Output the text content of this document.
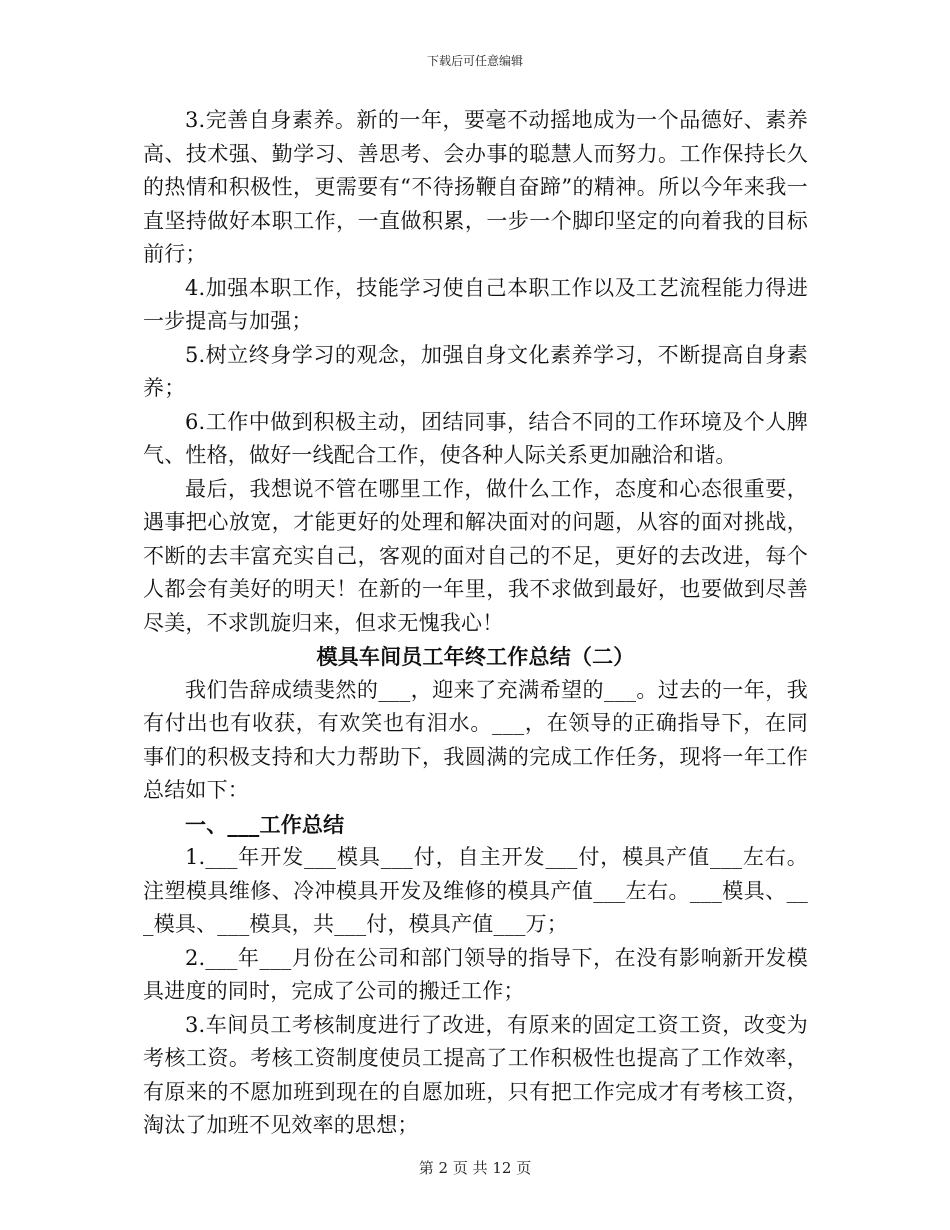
下载后可任意编辑

3.完善自身素养。新的一年，要毫不动摇地成为一个品德好、素养高、技术强、勤学习、善思考、会办事的聪慧人而努力。工作保持长久的热情和积极性，更需要有“不待扬鞭自奋蹄”的精神。所以今年来我一直坚持做好本职工作，一直做积累，一步一个脚印坚定的向着我的目标前行；

4.加强本职工作，技能学习使自己本职工作以及工艺流程能力得进一步提高与加强；

5.树立终身学习的观念，加强自身文化素养学习，不断提高自身素养；

6.工作中做到积极主动，团结同事，结合不同的工作环境及个人脾气、性格，做好一线配合工作，使各种人际关系更加融洽和谐。

最后，我想说不管在哪里工作，做什么工作，态度和心态很重要，遇事把心放宽，才能更好的处理和解决面对的问题，从容的面对挑战，不断的去丰富充实自己，客观的面对自己的不足，更好的去改进，每个人都会有美好的明天！在新的一年里，我不求做到最好，也要做到尽善尽美，不求凯旋归来，但求无愧我心！

模具车间员工年终工作总结（二）

我们告辞成绩斐然的___，迎来了充满希望的___。过去的一年，我有付出也有收获，有欢笑也有泪水。___，在领导的正确指导下，在同事们的积极支持和大力帮助下，我圆满的完成工作任务，现将一年工作总结如下：

一、___工作总结

1.___年开发___模具___付，自主开发___付，模具产值___左右。注塑模具维修、冷冲模具开发及维修的模具产值___左右。___模具、___模具、___模具，共___付，模具产值___万；

2.___年___月份在公司和部门领导的指导下，在没有影响新开发模具进度的同时，完成了公司的搬迁工作；

3.车间员工考核制度进行了改进，有原来的固定工资工资，改变为考核工资。考核工资制度使员工提高了工作积极性也提高了工作效率，有原来的不愿加班到现在的自愿加班，只有把工作完成才有考核工资，淘汰了加班不见效率的思想；

第 2 页 共 12 页
